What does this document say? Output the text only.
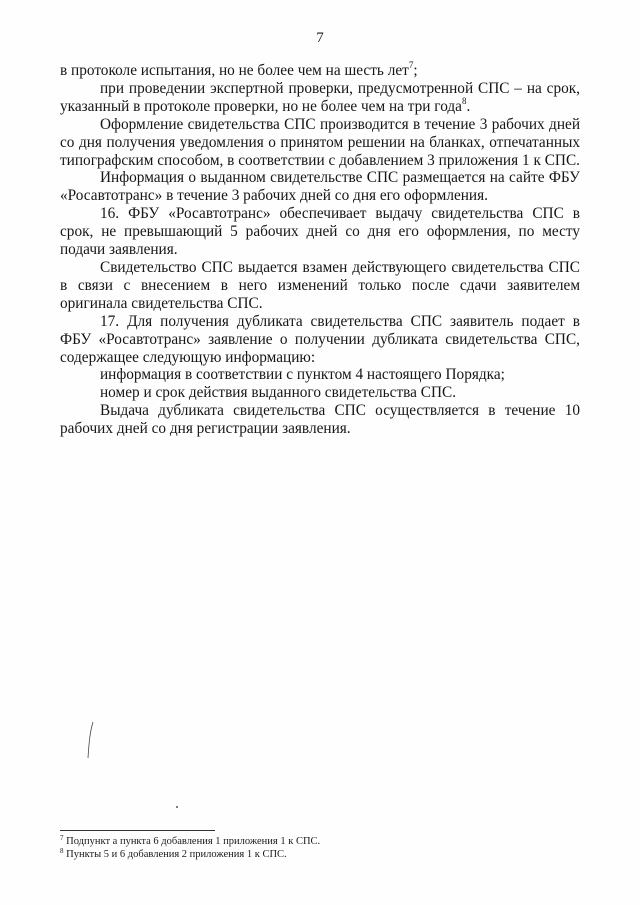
7

в протоколе испытания, но не более чем на шесть лет$^7$;

при проведении экспертной проверки, предусмотренной СПС – на срок, указанный в протоколе проверки, но не более чем на три года$^8$.

Оформление свидетельства СПС производится в течение 3 рабочих дней со дня получения уведомления о принятом решении на бланках, отпечатанных типографским способом, в соответствии с добавлением 3 приложения 1 к СПС.

Информация о выданном свидетельстве СПС размещается на сайте ФБУ «Росавтотранс» в течение 3 рабочих дней со дня его оформления.

16. ФБУ «Росавтотранс» обеспечивает выдачу свидетельства СПС в срок, не превышающий 5 рабочих дней со дня его оформления, по месту подачи заявления.

Свидетельство СПС выдается взамен действующего свидетельства СПС в связи с внесением в него изменений только после сдачи заявителем оригинала свидетельства СПС.

17. Для получения дубликата свидетельства СПС заявитель подает в ФБУ «Росавтотранс» заявление о получении дубликата свидетельства СПС, содержащее следующую информацию:

информация в соответствии с пунктом 4 настоящего Порядка;

номер и срок действия выданного свидетельства СПС.

Выдача дубликата свидетельства СПС осуществляется в течение 10 рабочих дней со дня регистрации заявления.

$^7$ Подпункт а пункта 6 добавления 1 приложения 1 к СПС.

$^8$ Пункты 5 и 6 добавления 2 приложения 1 к СПС.
